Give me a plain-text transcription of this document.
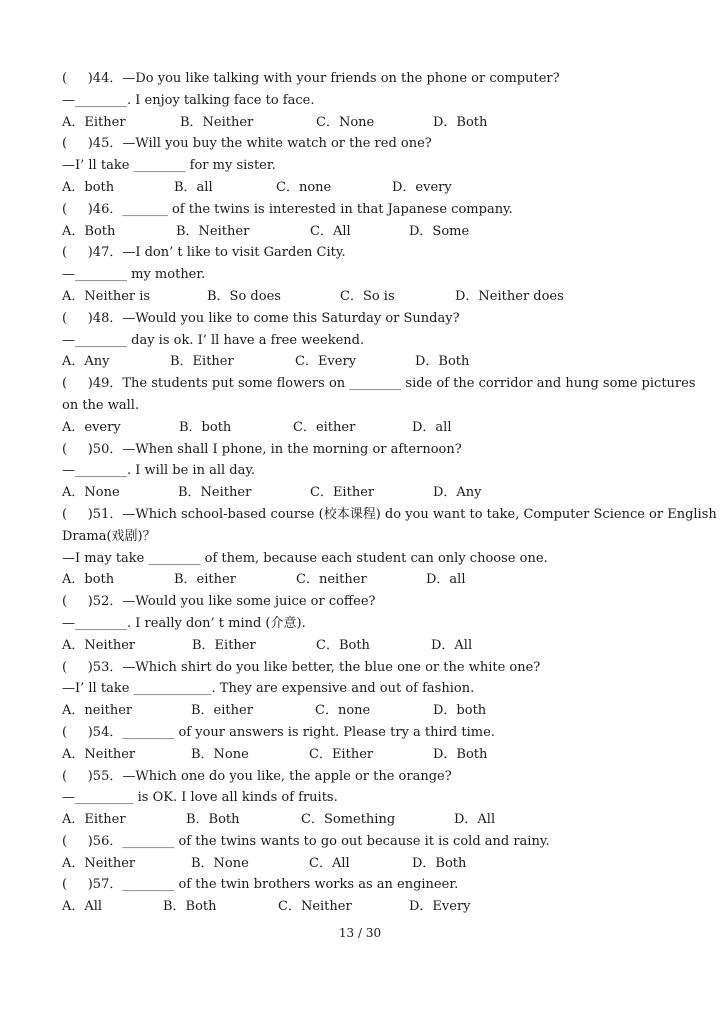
(     )44．—Do you like talking with your friends on the phone or computer?
—________. I enjoy talking face to face.
A．Either	B．Neither	C．None	D．Both
(     )45．—Will you buy the white watch or the red one?
—I’ ll take ________ for my sister.
A．both	B．all	C．none	D．every
(     )46．_______ of the twins is interested in that Japanese company.
A．Both	B．Neither	C．All	D．Some
(     )47．—I don’ t like to visit Garden City.
—________ my mother.
A．Neither is	B．So does	C．So is	D．Neither does
(     )48．—Would you like to come this Saturday or Sunday?
—________ day is ok. I’ ll have a free weekend.
A．Any	B．Either	C．Every	D．Both
(     )49．The students put some flowers on ________ side of the corridor and hung some pictures
on the wall.
A．every	B．both	C．either	D．all
(     )50．—When shall I phone, in the morning or afternoon?
—________. I will be in all day.
A．None	B．Neither	C．Either	D．Any
(     )51．—Which school-based course (校本课程) do you want to take, Computer Science or English
Drama(戏剧)？
—I may take ________ of them, because each student can only choose one.
A．both	B．either	C．neither	D．all
(     )52．—Would you like some juice or coffee?
—________. I really don’ t mind (介意).
A．Neither	B．Either	C．Both	D．All
(     )53．—Which shirt do you like better, the blue one or the white one?
—I’ ll take ____________. They are expensive and out of fashion.
A．neither	B．either	C．none	D．both
(     )54．________ of your answers is right. Please try a third time.
A．Neither	B．None	C．Either	D．Both
(     )55．—Which one do you like, the apple or the orange?
—_________ is OK. I love all kinds of fruits.
A．Either	B．Both	C．Something	D．All
(     )56．________ of the twins wants to go out because it is cold and rainy.
A．Neither	B．None	C．All	D．Both
(     )57．________ of the twin brothers works as an engineer.
A．All	B．Both	C．Neither	D．Every
13 / 30
